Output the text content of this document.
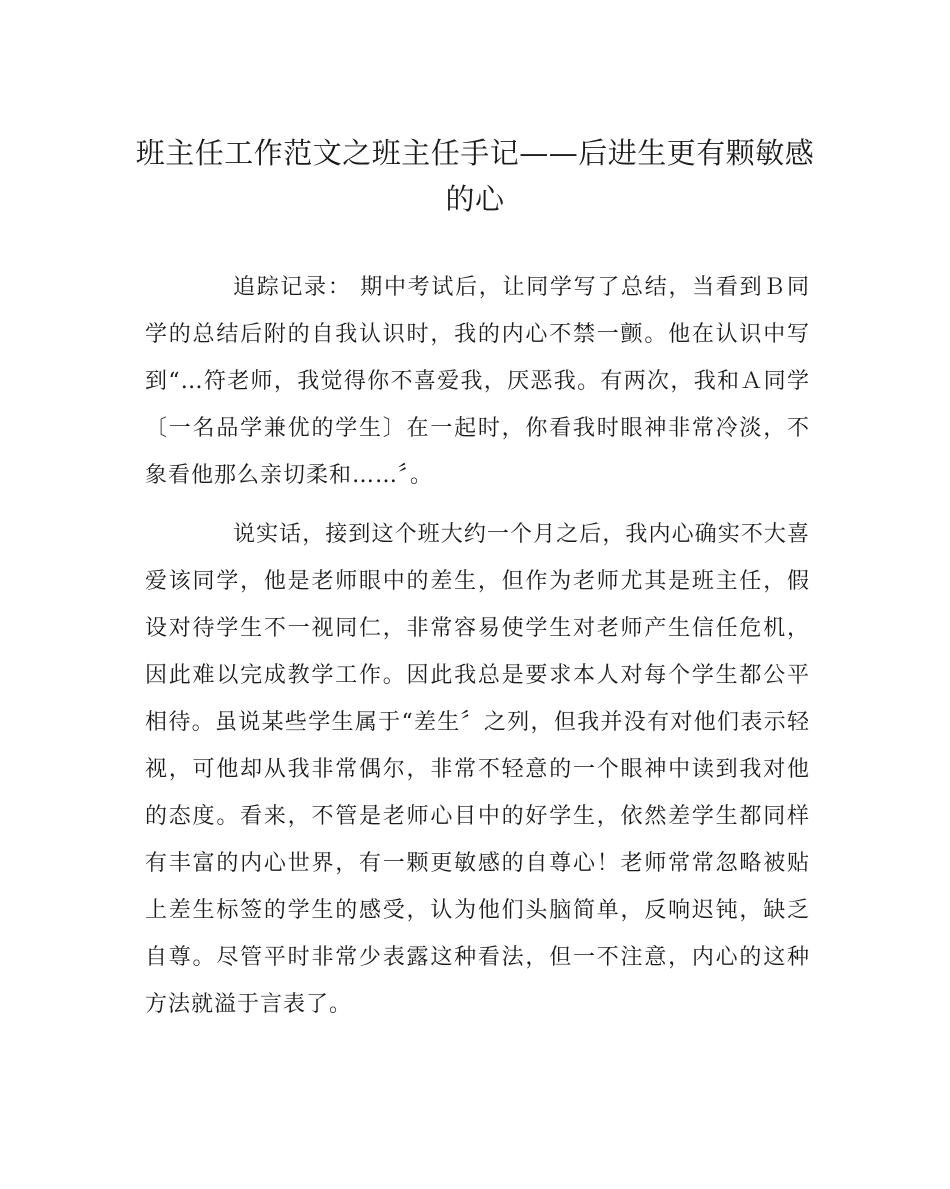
班主任工作范文之班主任手记——后进生更有颗敏感的心

追踪记录： 期中考试后，让同学写了总结，当看到Ｂ同学的总结后附的自我认识时，我的内心不禁一颤。他在认识中写到“…符老师，我觉得你不喜爱我，厌恶我。有两次，我和Ａ同学〔一名品学兼优的学生〕在一起时，你看我时眼神非常冷淡，不象看他那么亲切柔和……〞。

说实话，接到这个班大约一个月之后，我内心确实不大喜爱该同学，他是老师眼中的差生，但作为老师尤其是班主任，假设对待学生不一视同仁，非常容易使学生对老师产生信任危机，因此难以完成教学工作。因此我总是要求本人对每个学生都公平相待。虽说某些学生属于“差生〞之列，但我并没有对他们表示轻视，可他却从我非常偶尔，非常不轻意的一个眼神中读到我对他的态度。看来，不管是老师心目中的好学生，依然差学生都同样有丰富的内心世界，有一颗更敏感的自尊心！老师常常忽略被贴上差生标签的学生的感受，认为他们头脑简单，反响迟钝，缺乏自尊。尽管平时非常少表露这种看法，但一不注意，内心的这种方法就溢于言表了。
